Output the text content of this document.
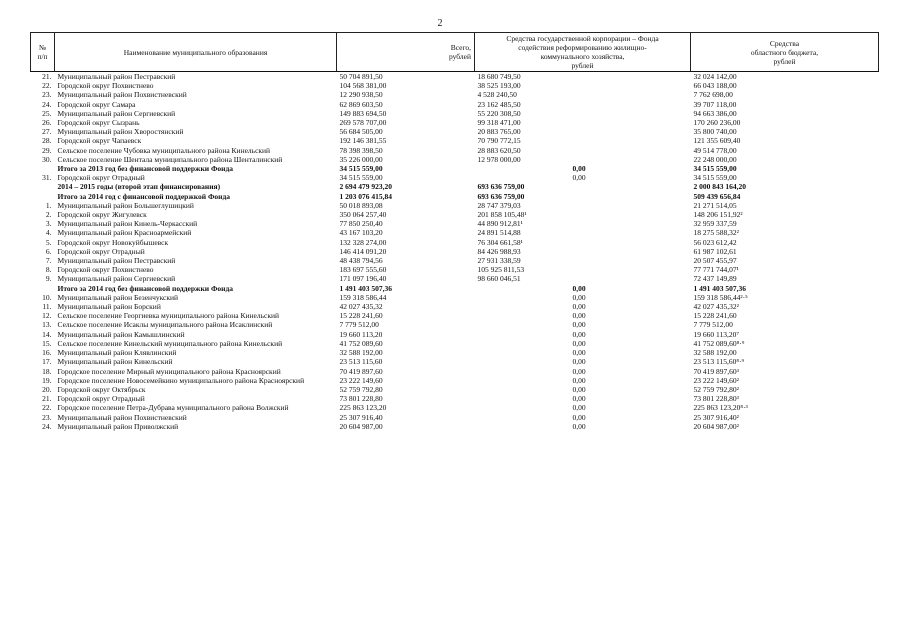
2
№
п/п	Наименование муниципального образования	Всего,
рублей	Средства государственной корпорации – Фонда
содействия реформированию жилищно-
коммунального хозяйства,
рублей	Средства
областного бюджета,
рублей
21.	Муниципальный район Пестравский	50 704 891,50	18 680 749,50	32 024 142,00
22.	Городской округ Похвистнево	104 568 381,00	38 525 193,00	66 043 188,00
23.	Муниципальный район Похвистневский	12 290 938,50	4 528 240,50	7 762 698,00
24.	Городской округ Самара	62 869 603,50	23 162 485,50	39 707 118,00
25.	Муниципальный район Сергиевский	149 883 694,50	55 220 308,50	94 663 386,00
26.	Городской округ Сызрань	269 578 707,00	99 318 471,00	170 260 236,00
27.	Муниципальный район Хворостянский	56 684 505,00	20 883 765,00	35 800 740,00
28.	Городской округ Чапаевск	192 146 381,55	70 790 772,15	121 355 609,40
29.	Сельское поселение Чубовка муниципального района Кинельский	78 398 398,50	28 883 620,50	49 514 778,00
30.	Сельское поселение Шентала муниципального района Шенталинский	35 226 000,00	12 978 000,00	22 248 000,00
	Итого за 2013 год без финансовой поддержки Фонда	34 515 559,00	0,00	34 515 559,00
31.	Городской округ Отрадный	34 515 559,00	0,00	34 515 559,00
	2014 – 2015 годы (второй этап финансирования)	2 694 479 923,20	693 636 759,00	2 000 843 164,20
	Итого за 2014 год с финансовой поддержкой Фонда	1 203 076 415,84	693 636 759,00	509 439 656,84
1.	Муниципальный район Большеглушицкий	50 018 893,08	28 747 379,03	21 271 514,05
2.	Городской округ Жигулевск	350 064 257,40	201 858 105,48¹	148 206 151,92²
3.	Муниципальный район Кинель-Черкасский	77 850 250,40	44 890 912,81¹	32 959 337,59
4.	Муниципальный район Красноармейский	43 167 103,20	24 891 514,88	18 275 588,32²
5.	Городской округ Новокуйбышевск	132 328 274,00	76 304 661,58¹	56 023 612,42
6.	Городской округ Отрадный	146 414 091,20	84 426 988,93	61 987 102,61
7.	Муниципальный район Пестравский	48 438 794,56	27 931 338,59	20 507 455,97
8.	Городской округ Похвистнево	183 697 555,60	105 925 811,53	77 771 744,07¹
9.	Муниципальный район Сергиевский	171 097 196,40	98 660 046,51	72 437 149,89
	Итого за 2014 год без финансовой поддержки Фонда	1 491 403 507,36	0,00	1 491 403 507,36
10.	Муниципальный район Безенчукский	159 318 586,44	0,00	159 318 586,44²·⁵
11.	Муниципальный район Борский	42 027 435,32	0,00	42 027 435,32²
12.	Сельское поселение Георгиевка муниципального района Кинельский	15 228 241,60	0,00	15 228 241,60
13.	Сельское поселение Исаклы муниципального района Исаклинский	7 779 512,00	0,00	7 779 512,00
14.	Муниципальный район Камышлинский	19 660 113,20	0,00	19 660 113,20⁷
15.	Сельское поселение Кинельский муниципального района Кинельский	41 752 089,60	0,00	41 752 089,60⁸·⁹
16.	Муниципальный район Клявлинский	32 588 192,00	0,00	32 588 192,00
17.	Муниципальный район Кинельский	23 513 115,60	0,00	23 513 115,60⁸·⁹
18.	Городское поселение Мирный муниципального района Красноярский	70 419 897,60	0,00	70 419 897,60³
19.	Городское поселение Новосемейкино муниципального района Красноярский	23 222 149,60	0,00	23 222 149,60²
20.	Городской округ Октябрьск	52 759 792,80	0,00	52 759 792,80²
21.	Городской округ Отрадный	73 801 228,80	0,00	73 801 228,80³
22.	Городское поселение Петра-Дубрава муниципального района Волжский	225 863 123,20	0,00	225 863 123,20⁸·³
23.	Муниципальный район Похвистневский	25 307 916,40	0,00	25 307 916,40²
24.	Муниципальный район Приволжский	20 604 987,00	0,00	20 604 987,00²
